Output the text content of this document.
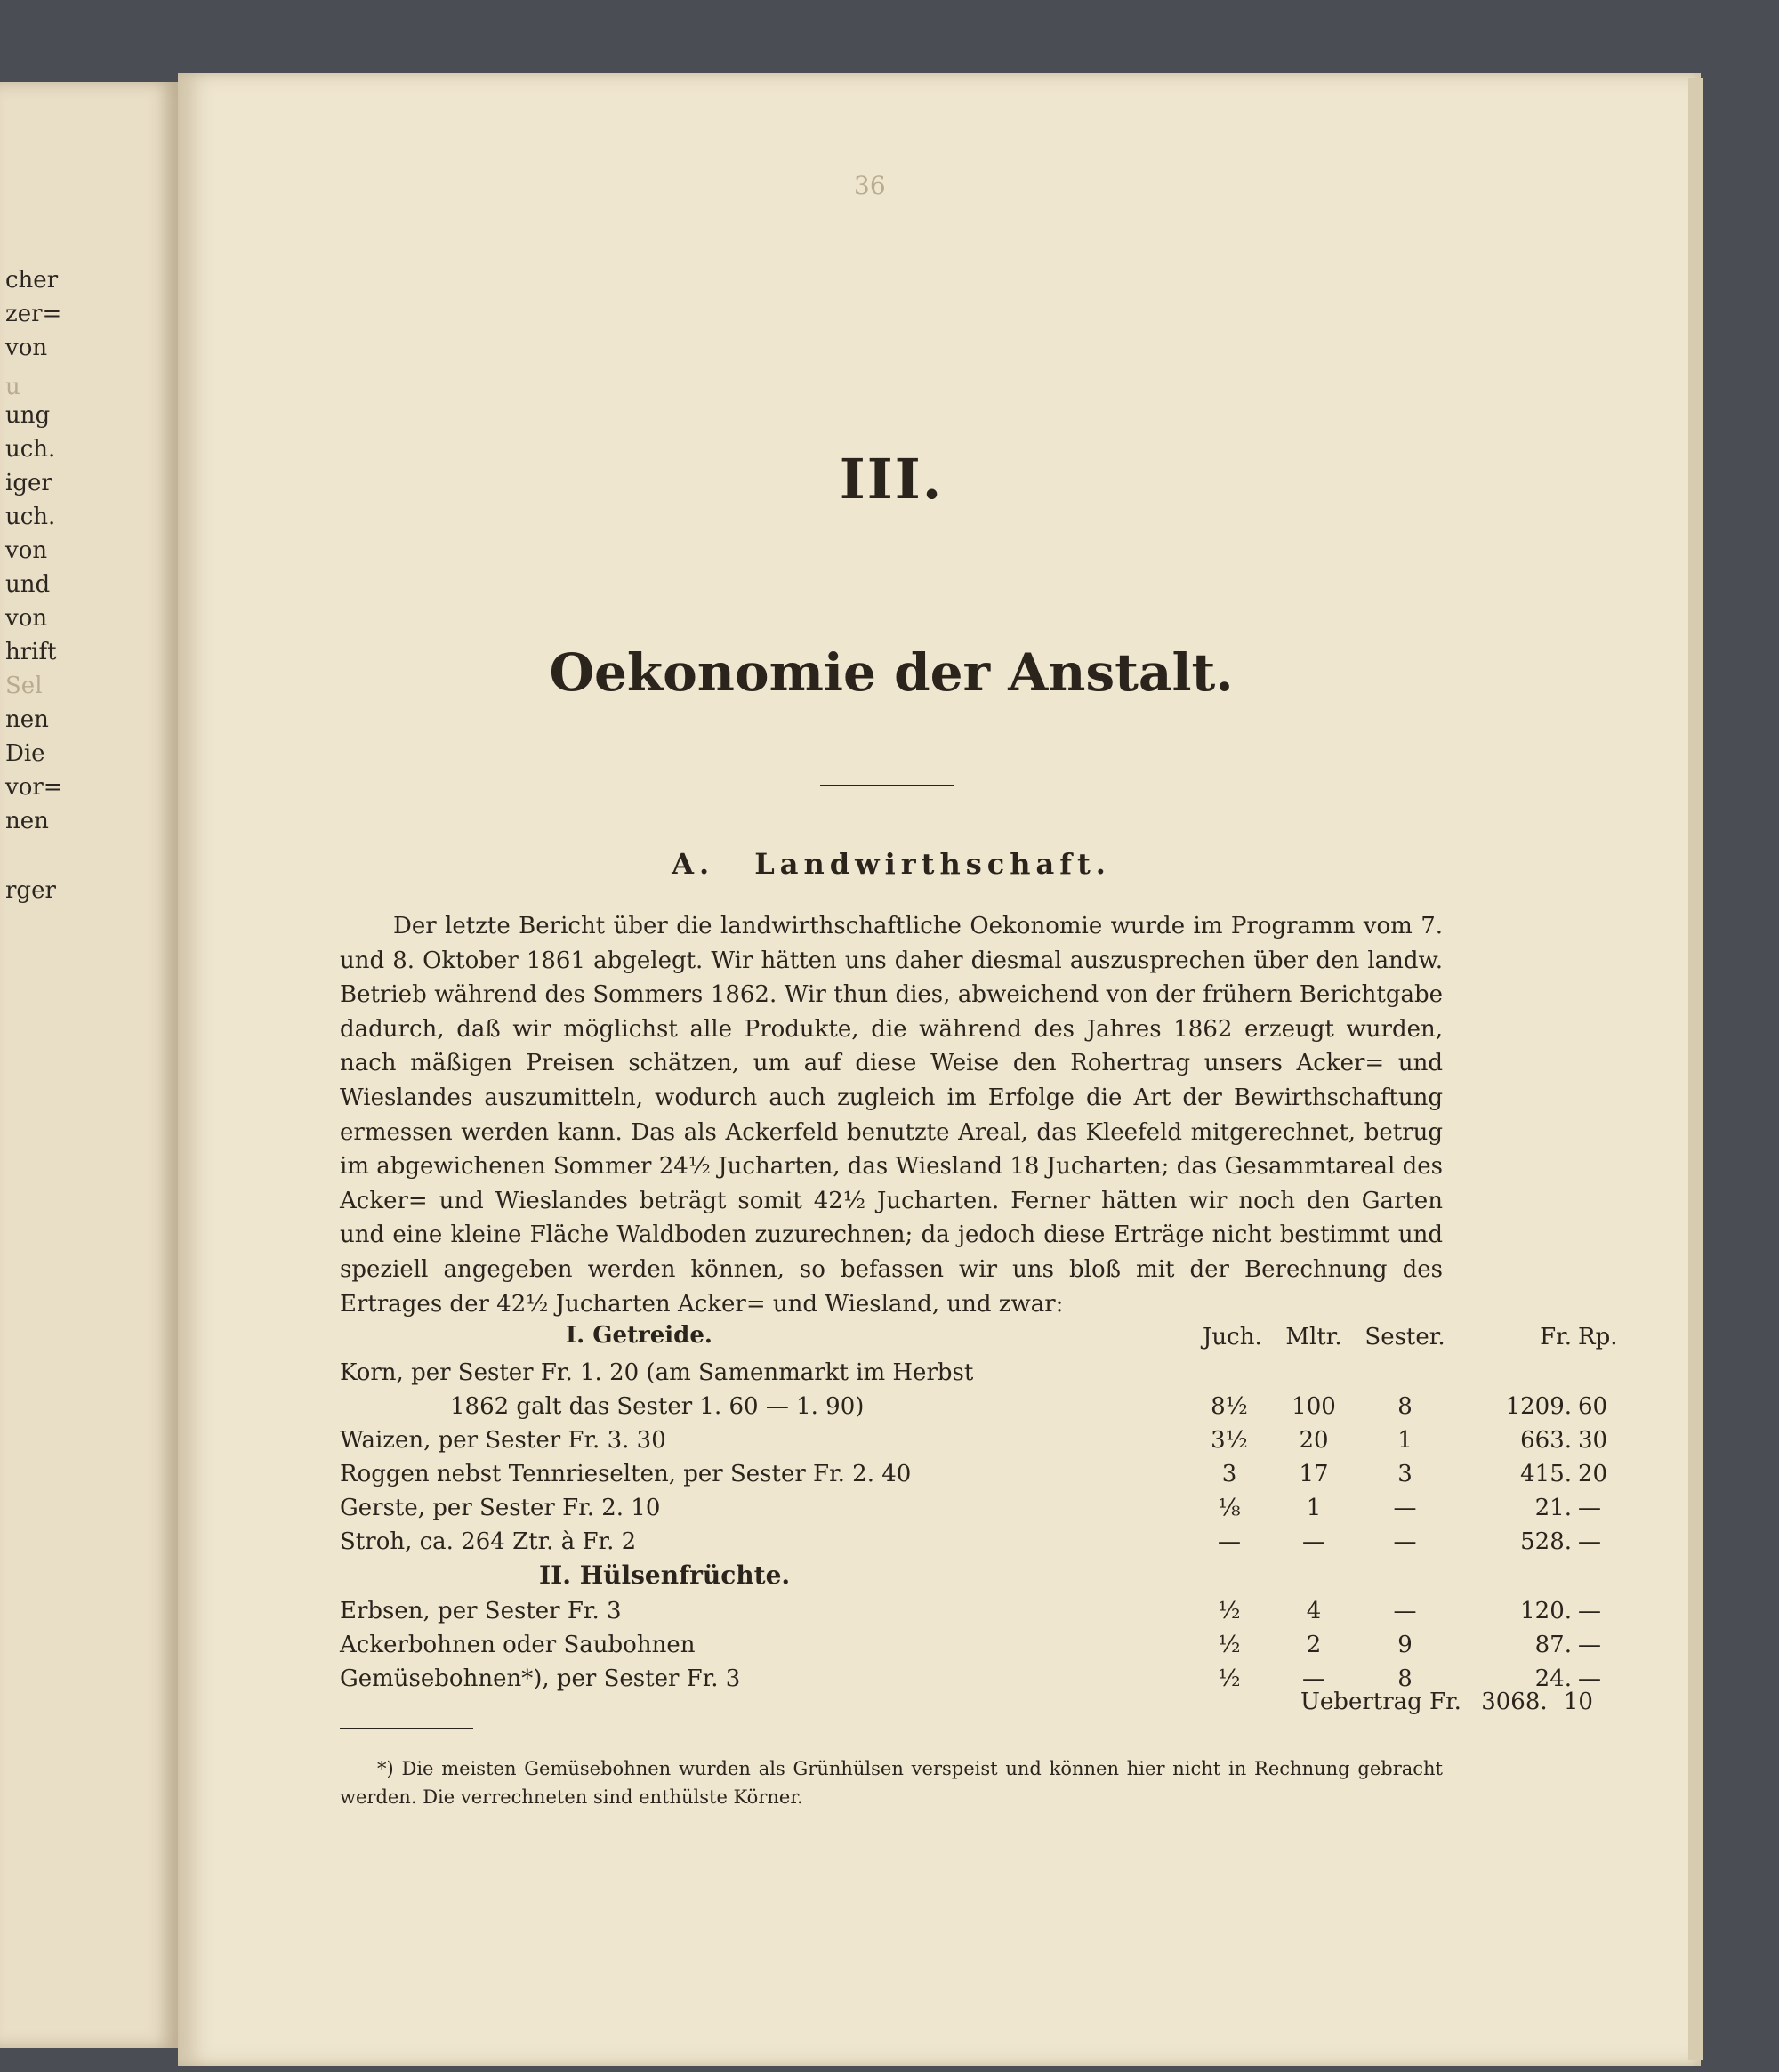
cher
zer=
von
u
ung
uch.
iger
uch.
von
und
von
hrift
Sel
nen
Die
vor=
nen
rger
36
III.
Oekonomie der Anstalt.
A. Landwirthschaft.
Der letzte Bericht über die landwirthschaftliche Oekonomie wurde im Programm vom 7. und 8. Oktober 1861 abgelegt. Wir hätten uns daher diesmal auszusprechen über den landw. Betrieb während des Sommers 1862. Wir thun dies, abweichend von der frühern Berichtgabe dadurch, daß wir möglichst alle Produkte, die während des Jahres 1862 erzeugt wurden, nach mäßigen Preisen schätzen, um auf diese Weise den Rohertrag unsers Acker= und Wieslandes auszumitteln, wodurch auch zugleich im Erfolge die Art der Bewirthschaftung ermessen werden kann. Das als Ackerfeld benutzte Areal, das Kleefeld mitgerechnet, betrug im abgewichenen Sommer 24½ Jucharten, das Wiesland 18 Jucharten; das Gesammtareal des Acker= und Wieslandes beträgt somit 42½ Jucharten. Ferner hätten wir noch den Garten und eine kleine Fläche Waldboden zuzurechnen; da jedoch diese Erträge nicht bestimmt und speziell angegeben werden können, so befassen wir uns bloß mit der Berechnung des Ertrages der 42½ Jucharten Acker= und Wiesland, und zwar:
I. Getreide.	Juch.	Mltr. Sester.	Fr. Rp.
Korn, per Sester Fr. 1. 20 (am Samenmarkt im Herbst
1862 galt das Sester 1. 60 — 1. 90)	8½	100	8	1209. 60
Waizen, per Sester Fr. 3. 30	3½	20	1	663. 30
Roggen nebst Tennrieselten, per Sester Fr. 2. 40	3	17	3	415. 20
Gerste, per Sester Fr. 2. 10	⅛	1	—	21. —
Stroh, ca. 264 Ztr. à Fr. 2	—	—	—	528. —
II. Hülsenfrüchte.
Erbsen, per Sester Fr. 3	½	4	—	120. —
Ackerbohnen oder Saubohnen	½	2	9	87. —
Gemüsebohnen*), per Sester Fr. 3	½	—	8	24. —
Uebertrag Fr. 3068. 10
*) Die meisten Gemüsebohnen wurden als Grünhülsen verspeist und können hier nicht in Rechnung gebracht werden. Die verrechneten sind enthülste Körner.
